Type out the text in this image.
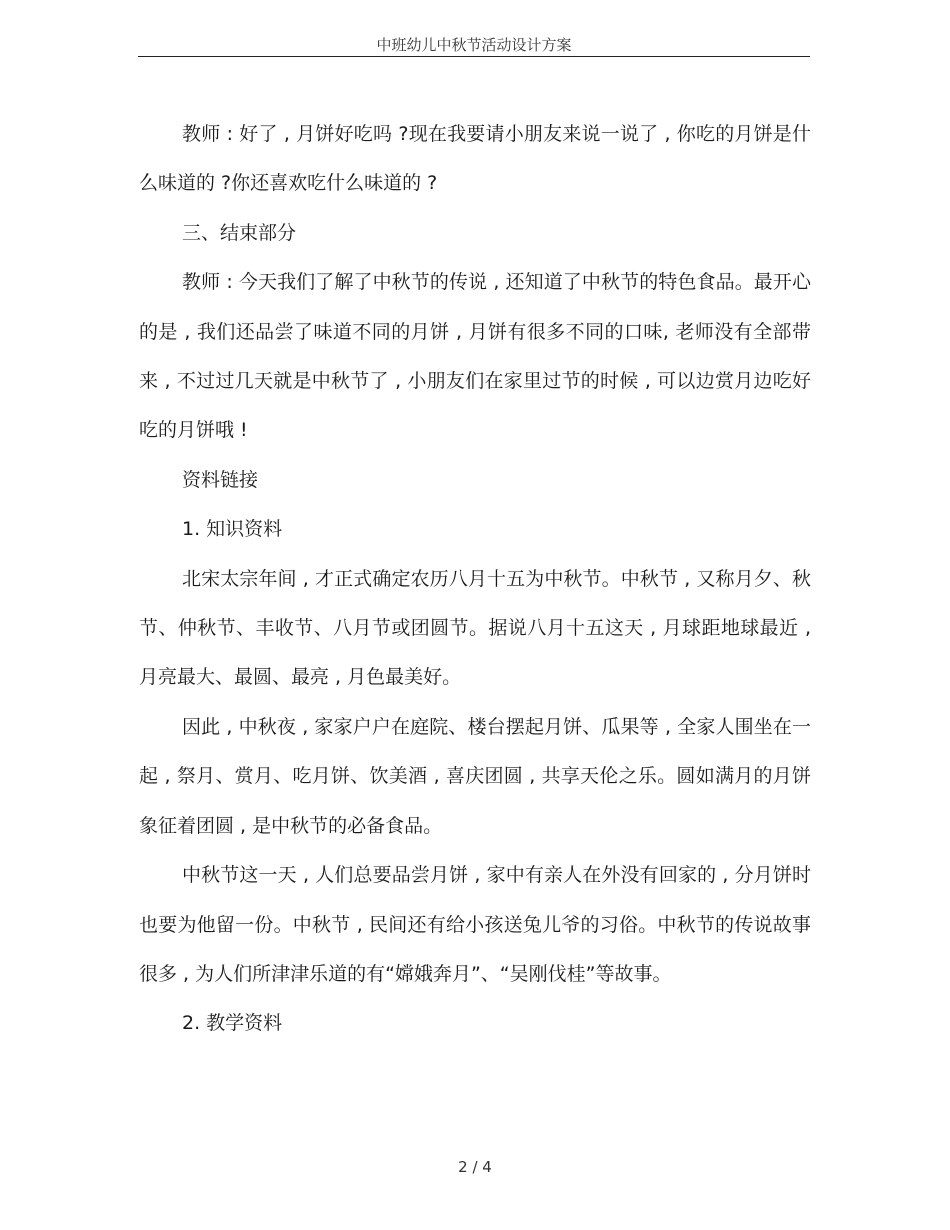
中班幼儿中秋节活动设计方案

教师 : 好了 , 月饼好吃吗 ?现在我要请小朋友来说一说了 , 你吃的月饼是什么味道的 ?你还喜欢吃什么味道的 ?

三、结束部分

教师 : 今天我们了解了中秋节的传说 , 还知道了中秋节的特色食品。最开心的是 , 我们还品尝了味道不同的月饼 , 月饼有很多不同的口味, 老师没有全部带来 , 不过过几天就是中秋节了 , 小朋友们在家里过节的时候 , 可以边赏月边吃好吃的月饼哦 !

资料链接

1. 知识资料

北宋太宗年间 , 才正式确定农历八月十五为中秋节。中秋节 , 又称月夕、秋节、仲秋节、丰收节、八月节或团圆节。据说八月十五这天 , 月球距地球最近 , 月亮最大、最圆、最亮 , 月色最美好。

因此 , 中秋夜 , 家家户户在庭院、楼台摆起月饼、瓜果等 , 全家人围坐在一起 , 祭月、赏月、吃月饼、饮美酒 , 喜庆团圆 , 共享天伦之乐。圆如满月的月饼象征着团圆 , 是中秋节的必备食品。

中秋节这一天 , 人们总要品尝月饼 , 家中有亲人在外没有回家的 , 分月饼时也要为他留一份。中秋节 , 民间还有给小孩送兔儿爷的习俗。中秋节的传说故事很多 , 为人们所津津乐道的有“嫦娥奔月”、“吴刚伐桂”等故事。

2. 教学资料

2 / 4
